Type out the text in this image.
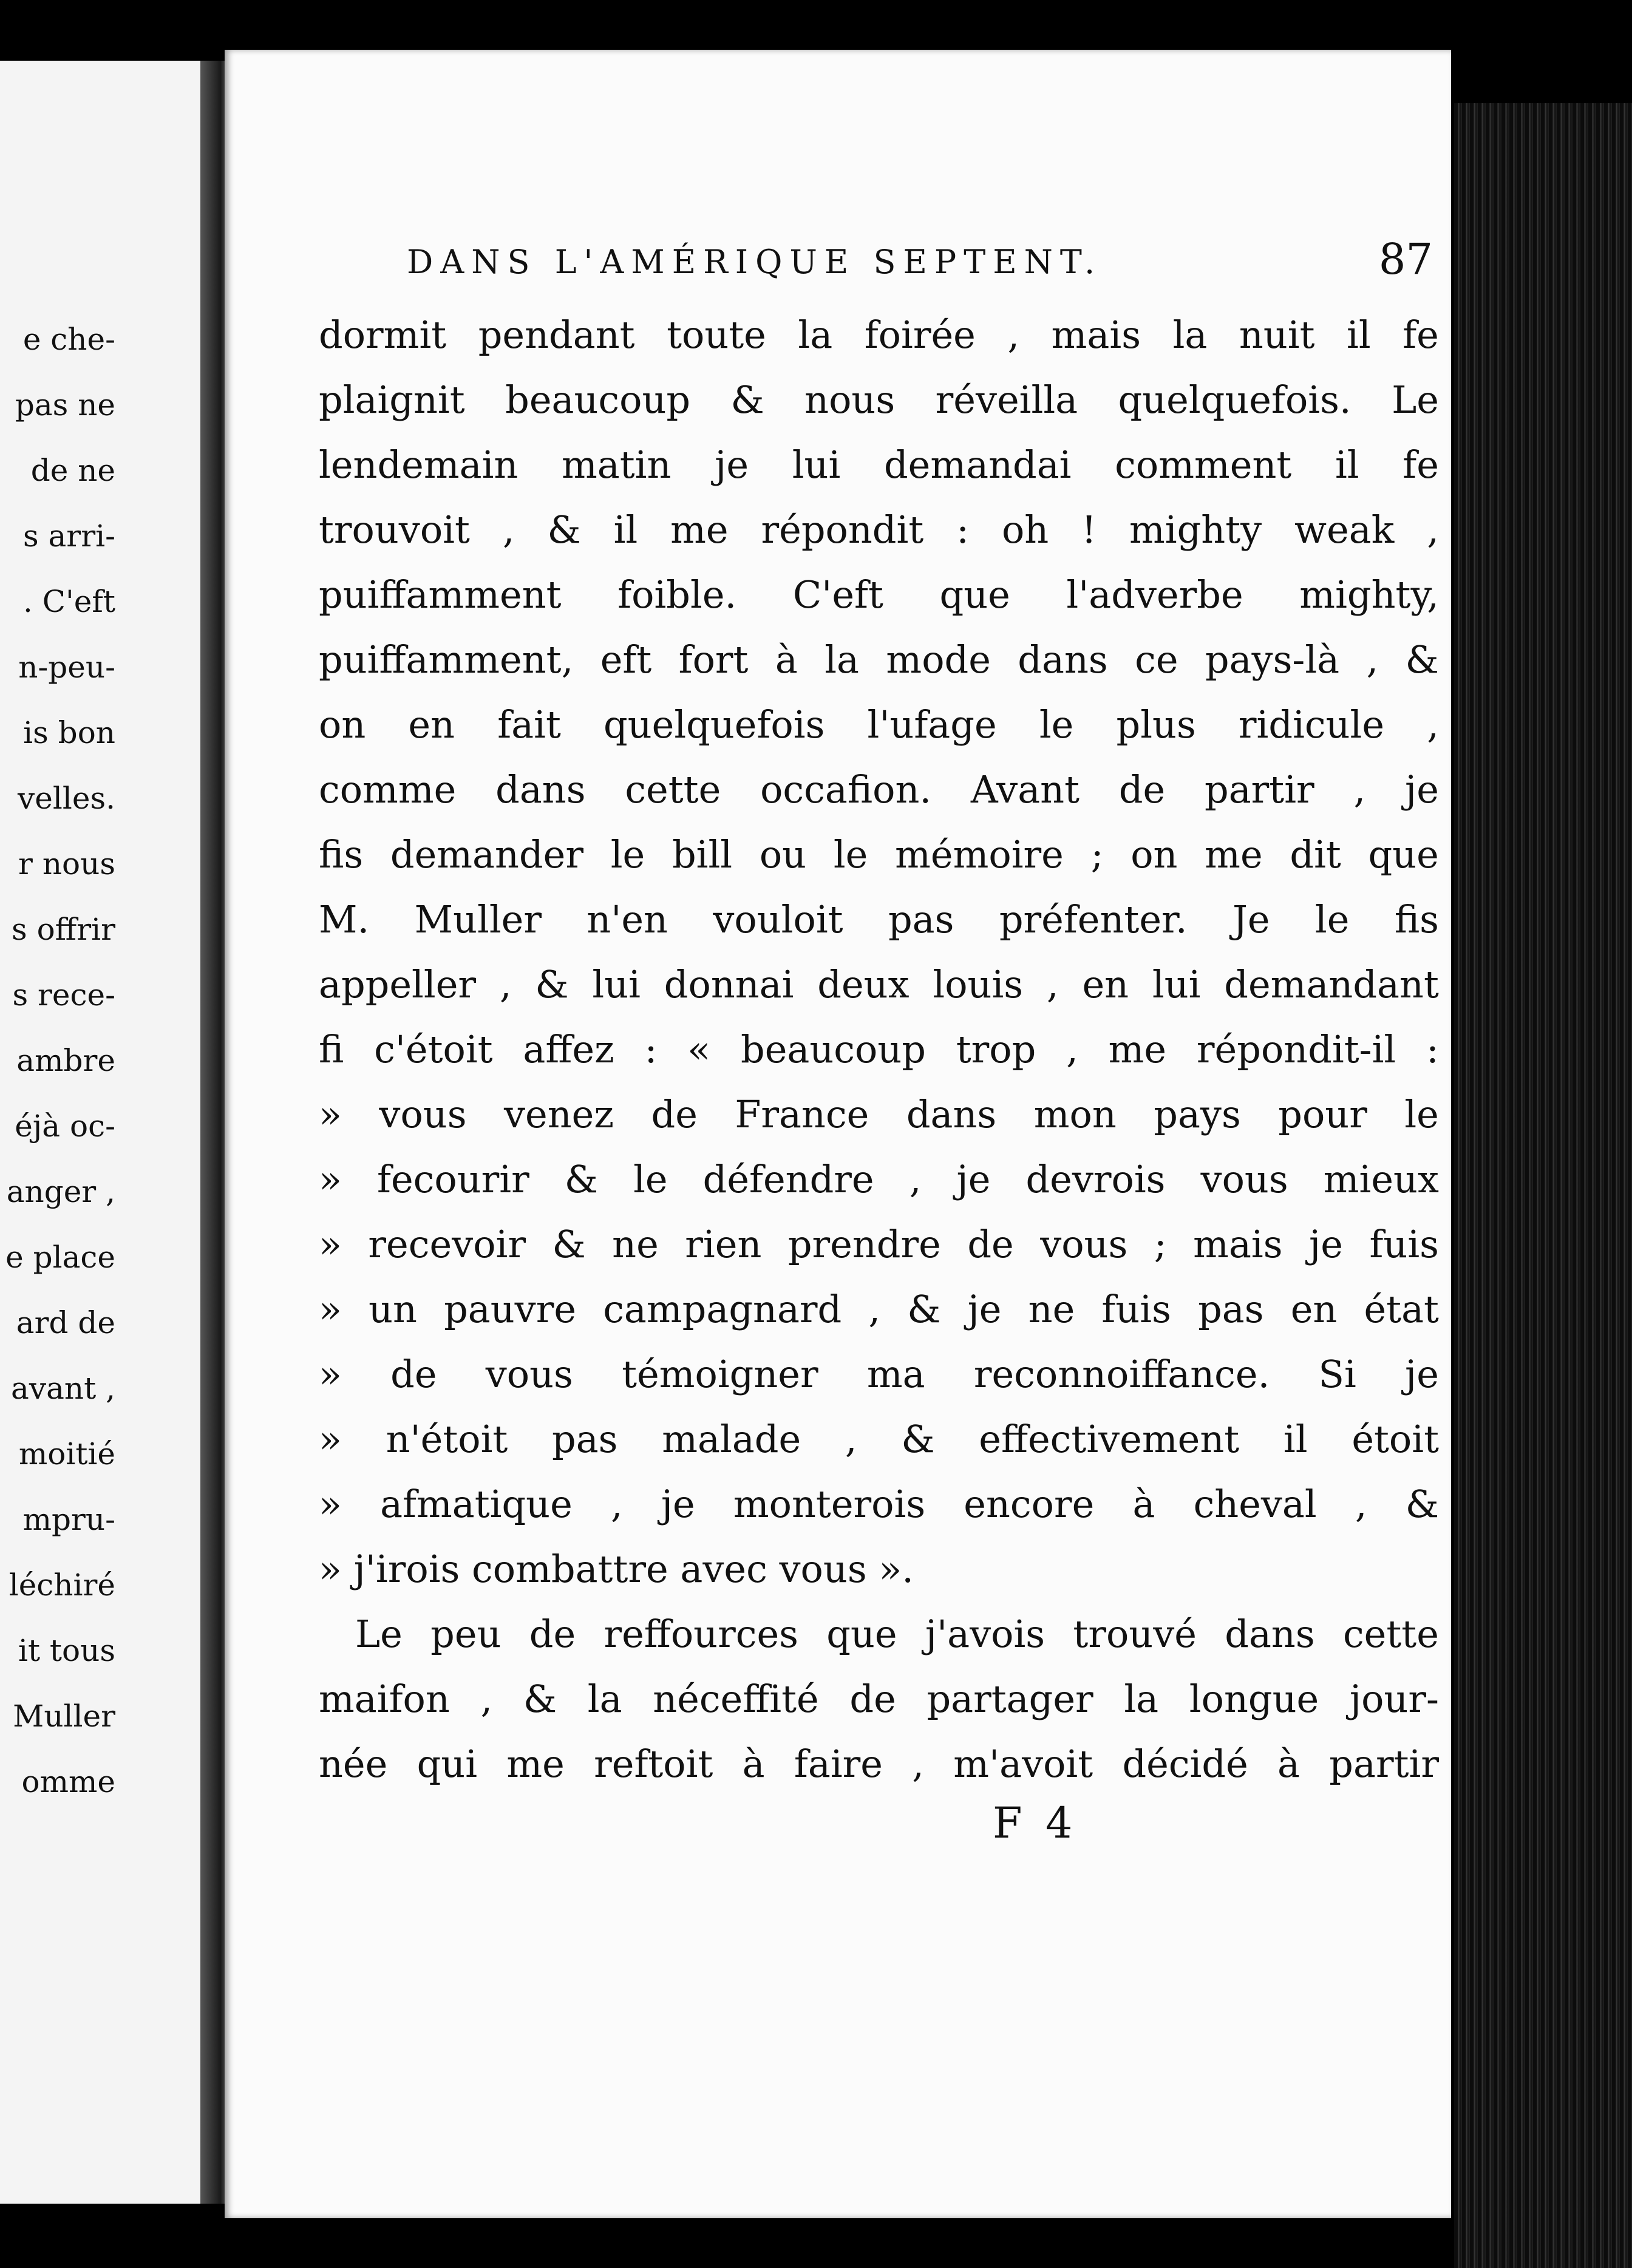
e che-
pas ne
de ne
s arri-
. C'eft
n-peu-
is bon
velles.
r nous
s offrir
s rece-
ambre
éjà oc-
anger ,
e place
ard de
avant ,
moitié
mpru-
léchiré
it tous
Muller
omme
DANS L'AMÉRIQUE SEPTENT.	87
dormit pendant toute la foirée , mais la nuit il fe
plaignit beaucoup & nous réveilla quelquefois. Le
lendemain matin je lui demandai comment il fe
trouvoit , & il me répondit : oh ! mighty weak ,
puiffamment foible. C'eft que l'adverbe mighty,
puiffamment, eft fort à la mode dans ce pays-là , &
on en fait quelquefois l'ufage le plus ridicule ,
comme dans cette occafion. Avant de partir , je
fis demander le bill ou le mémoire ; on me dit que
M. Muller n'en vouloit pas préfenter. Je le fis
appeller , & lui donnai deux louis , en lui demandant
fi c'étoit affez : « beaucoup trop , me répondit-il :
» vous venez de France dans mon pays pour le
» fecourir & le défendre , je devrois vous mieux
» recevoir & ne rien prendre de vous ; mais je fuis
» un pauvre campagnard , & je ne fuis pas en état
» de vous témoigner ma reconnoiffance. Si je
» n'étoit pas malade , & effectivement il étoit
» afmatique , je monterois encore à cheval , &
» j'irois combattre avec vous ».
Le peu de reffources que j'avois trouvé dans cette
maifon , & la néceffité de partager la longue jour-
née qui me reftoit à faire , m'avoit décidé à partir
F 4
